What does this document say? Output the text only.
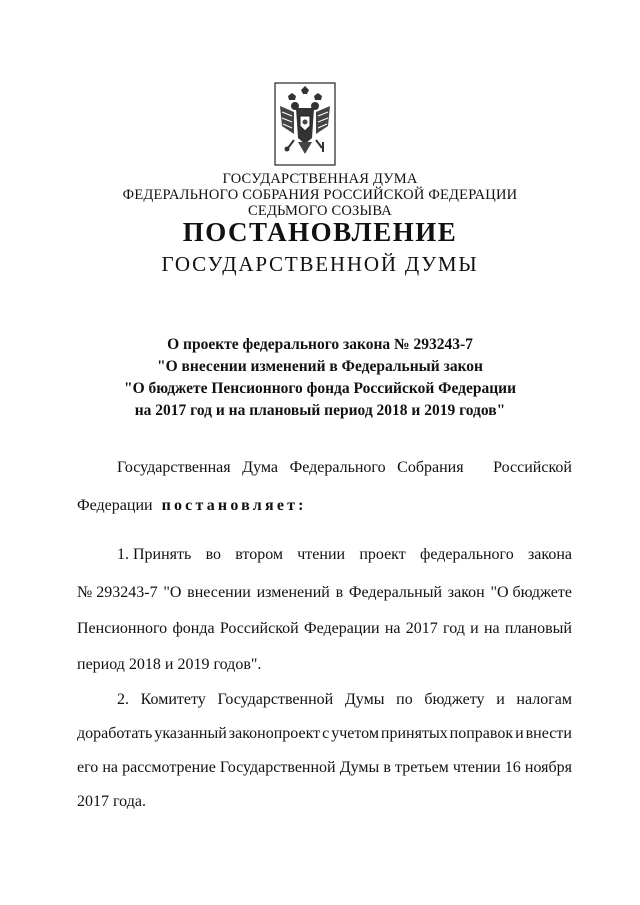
ГОСУДАРСТВЕННАЯ ДУМА
ФЕДЕРАЛЬНОГО СОБРАНИЯ РОССИЙСКОЙ ФЕДЕРАЦИИ
СЕДЬМОГО СОЗЫВА
ПОСТАНОВЛЕНИЕ
ГОСУДАРСТВЕННОЙ ДУМЫ
О проекте федерального закона № 293243-7
"О внесении изменений в Федеральный закон
"О бюджете Пенсионного фонда Российской Федерации
на 2017 год и на плановый период 2018 и 2019 годов"
Государственная Дума Федерального Собрания Российской
Федерации постановляет:
1. Принять во втором чтении проект федерального закона
№ 293243-7 "О внесении изменений в Федеральный закон "О бюджете
Пенсионного фонда Российской Федерации на 2017 год и на плановый
период 2018 и 2019 годов".
2. Комитету Государственной Думы по бюджету и налогам
доработать указанный законопроект с учетом принятых поправок и внести
его на рассмотрение Государственной Думы в третьем чтении 16 ноября
2017 года.
